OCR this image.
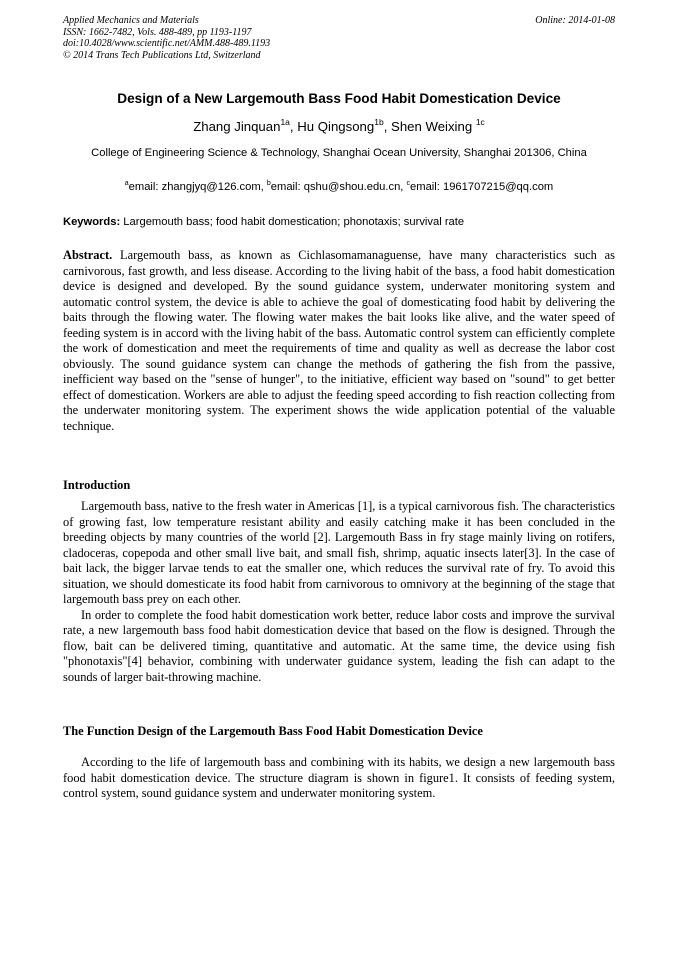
Applied Mechanics and Materials
ISSN: 1662-7482, Vols. 488-489, pp 1193-1197
doi:10.4028/www.scientific.net/AMM.488-489.1193
© 2014 Trans Tech Publications Ltd, Switzerland
Online: 2014-01-08
Design of a New Largemouth Bass Food Habit Domestication Device
Zhang Jinquan$^{1a}$, Hu Qingsong$^{1b}$, Shen Weixing $^{1c}$
College of Engineering Science & Technology, Shanghai Ocean University, Shanghai 201306, China
$^a$email: zhangjyq@126.com, $^b$email: qshu@shou.edu.cn, $^c$email: 1961707215@qq.com
Keywords: Largemouth bass; food habit domestication; phonotaxis; survival rate

Abstract. Largemouth bass, as known as Cichlasomamanaguense, have many characteristics such as carnivorous, fast growth, and less disease. According to the living habit of the bass, a food habit domestication device is designed and developed. By the sound guidance system, underwater monitoring system and automatic control system, the device is able to achieve the goal of domesticating food habit by delivering the baits through the flowing water. The flowing water makes the bait looks like alive, and the water speed of feeding system is in accord with the living habit of the bass. Automatic control system can efficiently complete the work of domestication and meet the requirements of time and quality as well as decrease the labor cost obviously. The sound guidance system can change the methods of gathering the fish from the passive, inefficient way based on the "sense of hunger", to the initiative, efficient way based on "sound" to get better effect of domestication. Workers are able to adjust the feeding speed according to fish reaction collecting from the underwater monitoring system. The experiment shows the wide application potential of the valuable technique.

Introduction

Largemouth bass, native to the fresh water in Americas [1], is a typical carnivorous fish. The characteristics of growing fast, low temperature resistant ability and easily catching make it has been concluded in the breeding objects by many countries of the world [2]. Largemouth Bass in fry stage mainly living on rotifers, cladoceras, copepoda and other small live bait, and small fish, shrimp, aquatic insects later[3]. In the case of bait lack, the bigger larvae tends to eat the smaller one, which reduces the survival rate of fry. To avoid this situation, we should domesticate its food habit from carnivorous to omnivory at the beginning of the stage that largemouth bass prey on each other.

In order to complete the food habit domestication work better, reduce labor costs and improve the survival rate, a new largemouth bass food habit domestication device that based on the flow is designed. Through the flow, bait can be delivered timing, quantitative and automatic. At the same time, the device using fish "phonotaxis"[4] behavior, combining with underwater guidance system, leading the fish can adapt to the sounds of larger bait-throwing machine.

The Function Design of the Largemouth Bass Food Habit Domestication Device

According to the life of largemouth bass and combining with its habits, we design a new largemouth bass food habit domestication device. The structure diagram is shown in figure1. It consists of feeding system, control system, sound guidance system and underwater monitoring system.
